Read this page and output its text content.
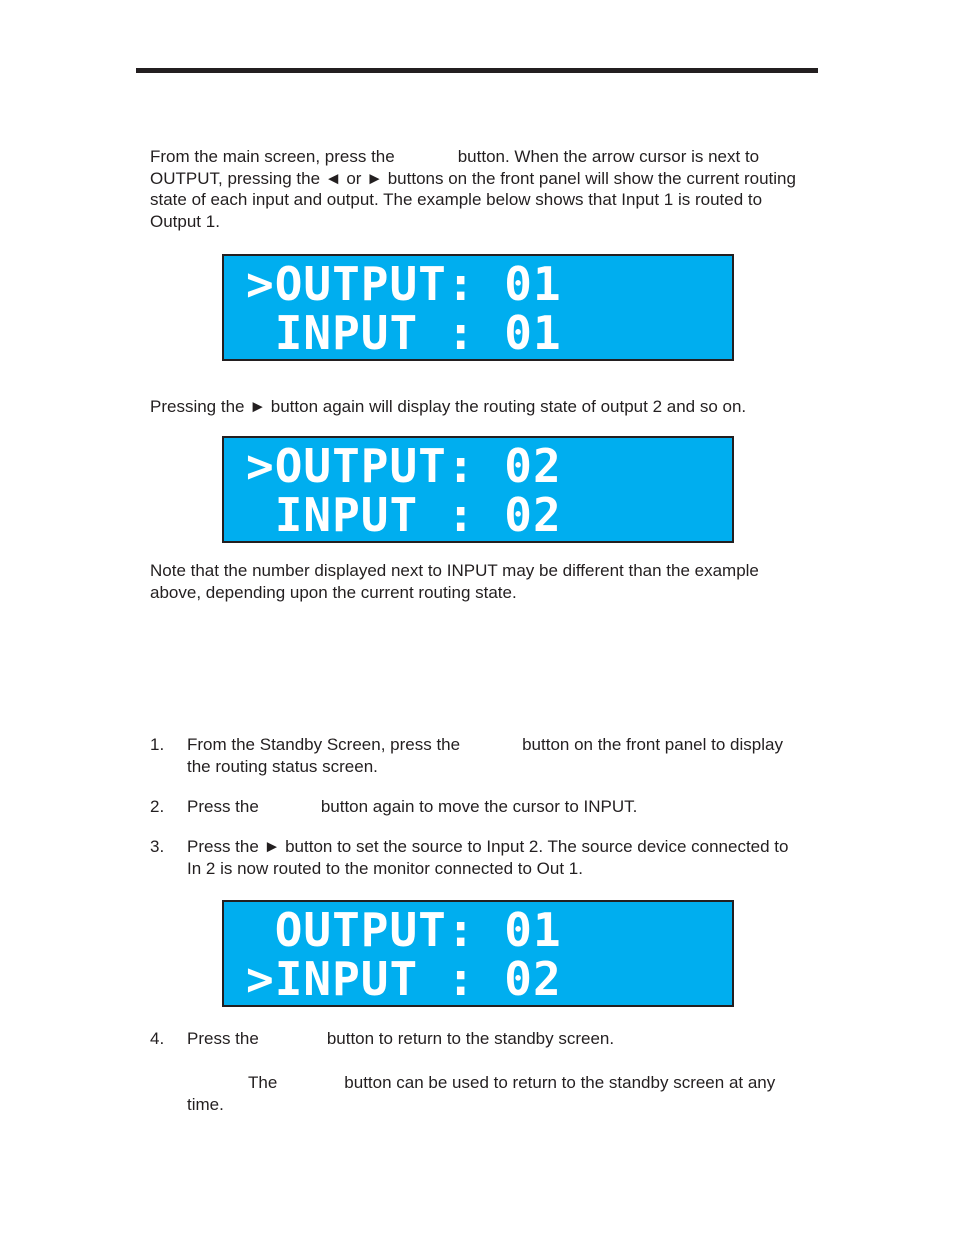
From the main screen, press the	button. When the arrow cursor is next to OUTPUT, pressing the ◄ or ► buttons on the front panel will show the current routing state of each input and output. The example below shows that Input 1 is routed to Output 1.

>OUTPUT: 01
INPUT : 01

Pressing the ► button again will display the routing state of output 2 and so on.

>OUTPUT: 02
INPUT : 02

Note that the number displayed next to INPUT may be different than the example above, depending upon the current routing state.

1. From the Standby Screen, press the	button on the front panel to display the routing status screen.
2. Press the	button again to move the cursor to INPUT.
3. Press the ► button to set the source to Input 2. The source device connected to In 2 is now routed to the monitor connected to Out 1.
OUTPUT: 01
>INPUT : 02
4. Press the	button to return to the standby screen.
The	button can be used to return to the standby screen at any time.
